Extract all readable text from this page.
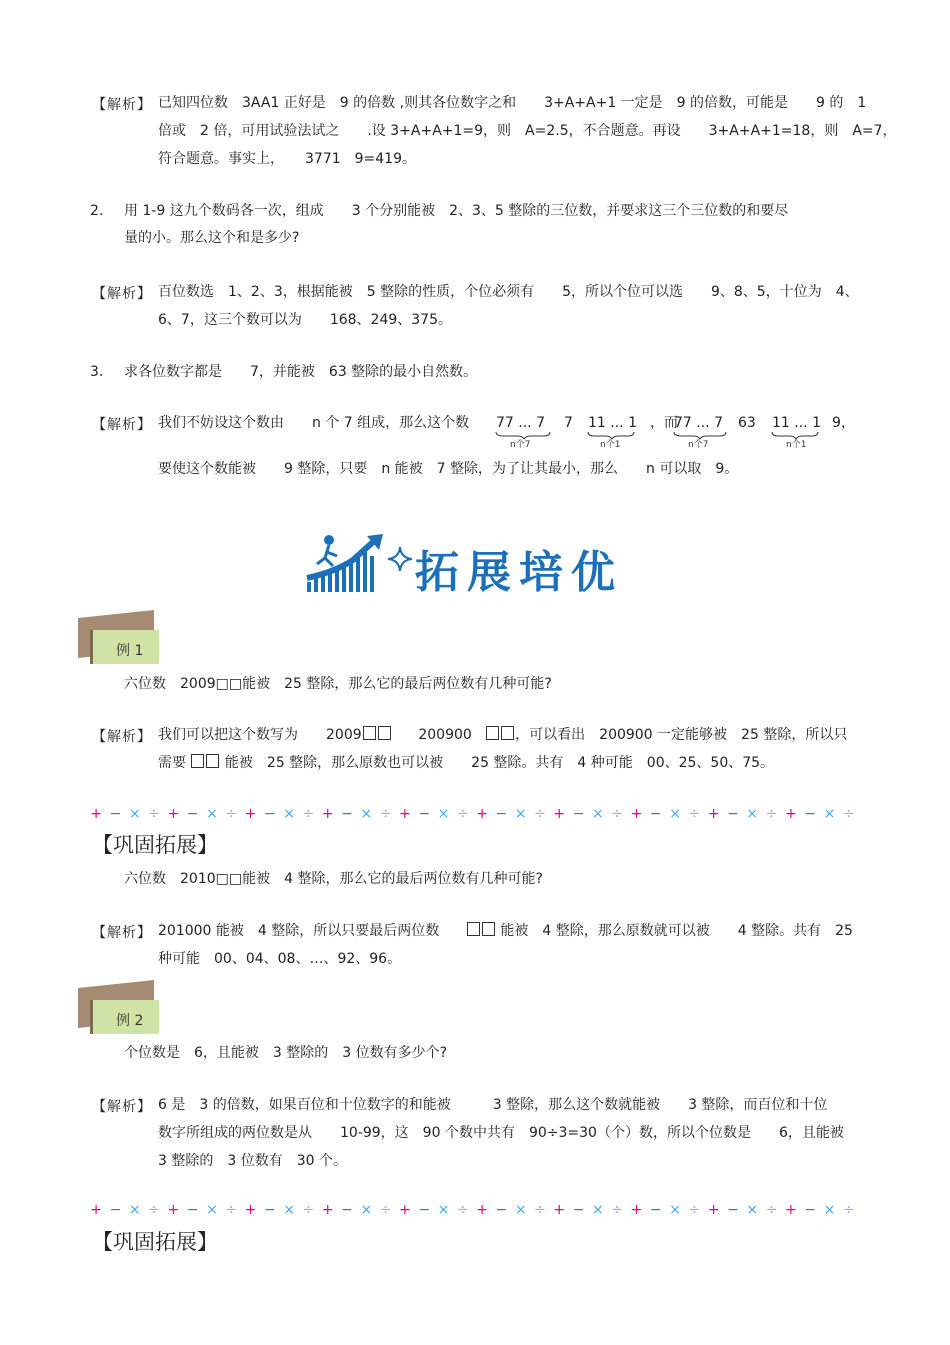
【解析】 已知四位数　3AA1 正好是　9 的倍数 ,则其各位数字之和　　3+A+A+1 一定是　9 的倍数，可能是　　9 的　1
倍或　2 倍，可用试验法试之　　.设 3+A+A+1=9，则　A=2.5，不合题意。再设　　3+A+A+1=18，则　A=7，
符合题意。事实上，　　3771　9=419。
2. 用 1-9 这九个数码各一次，组成　　3 个分别能被　2、3、5 整除的三位数，并要求这三个三位数的和要尽
量的小。那么这个和是多少?
【解析】 百位数选　1、2、3，根据能被　5 整除的性质，个位必须有　　5，所以个位可以选　　9、8、5，十位为　4、
6、7，这三个数可以为　　168、249、375。
3. 求各位数字都是　　7，并能被　63 整除的最小自然数。
【解析】 我们不妨设这个数由　　n 个 7 组成，那么这个数 77 ... 7 7 11 ... 1 ，而
77 ... 7 63 11 ... 1 9，
n个7	n个1	n个7	n个1
要使这个数能被　　9 整除，只要　n 能被　7 整除，为了让其最小，那么　　n 可以取　9。
拓展培优
例 1
六位数　2009□□能被　25 整除，那么它的最后两位数有几种可能?
【解析】 我们可以把这个数写为　　2009	200900	，可以看出　200900 一定能够被　25 整除，所以只
需要	能被　25 整除，那么原数也可以被　　25 整除。共有　4 种可能　00、25、50、75。
+ − × ÷ + − × ÷ + − × ÷ + − × ÷ + − × ÷ + − × ÷ + − × ÷ + − × ÷ + − × ÷ + − × ÷
【巩固拓展】
六位数　2010□□能被　4 整除，那么它的最后两位数有几种可能?
【解析】 201000 能被　4 整除，所以只要最后两位数	能被　4 整除，那么原数就可以被　　4 整除。共有　25
种可能　00、04、08、…、92、96。
例 2
个位数是　6，且能被　3 整除的　3 位数有多少个?
【解析】 6 是　3 的倍数，如果百位和十位数字的和能被　　　3 整除，那么这个数就能被　　3 整除，而百位和十位
数字所组成的两位数是从　　10-99，这　90 个数中共有　90÷3=30（个）数，所以个位数是　　6，且能被
3 整除的　3 位数有　30 个。
+ − × ÷ + − × ÷ + − × ÷ + − × ÷ + − × ÷ + − × ÷ + − × ÷ + − × ÷ + − × ÷ + − × ÷
【巩固拓展】
